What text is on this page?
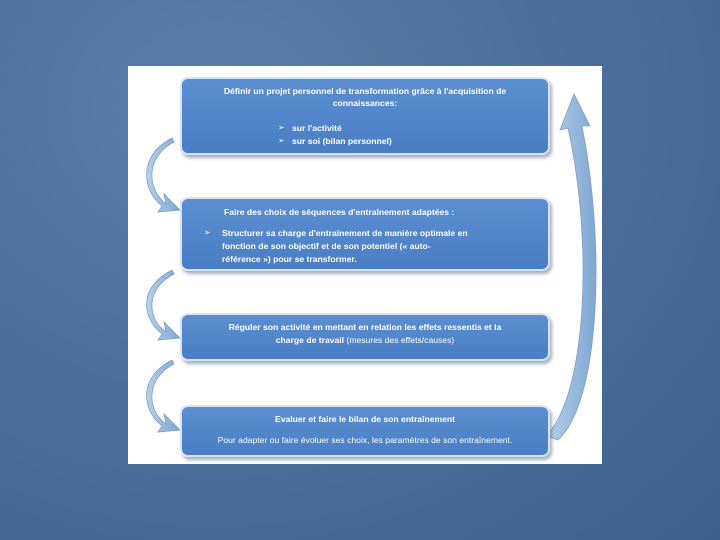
Définir un projet personnel de transformation grâce à l'acquisition de
connaissances:
➢ sur l'activité
➢ sur soi (bilan personnel)
Faire des choix de séquences d'entraînement adaptées :
➢ Structurer sa charge d'entraînement de manière optimale en
fonction de son objectif et de son potentiel (« auto-
référence ») pour se transformer.
Réguler son activité en mettant en relation les effets ressentis et la
charge de travail (mesures des effets/causes)
Evaluer et faire le bilan de son entraînement
Pour adapter ou faire évoluer ses choix, les paramètres de son entraînement.
